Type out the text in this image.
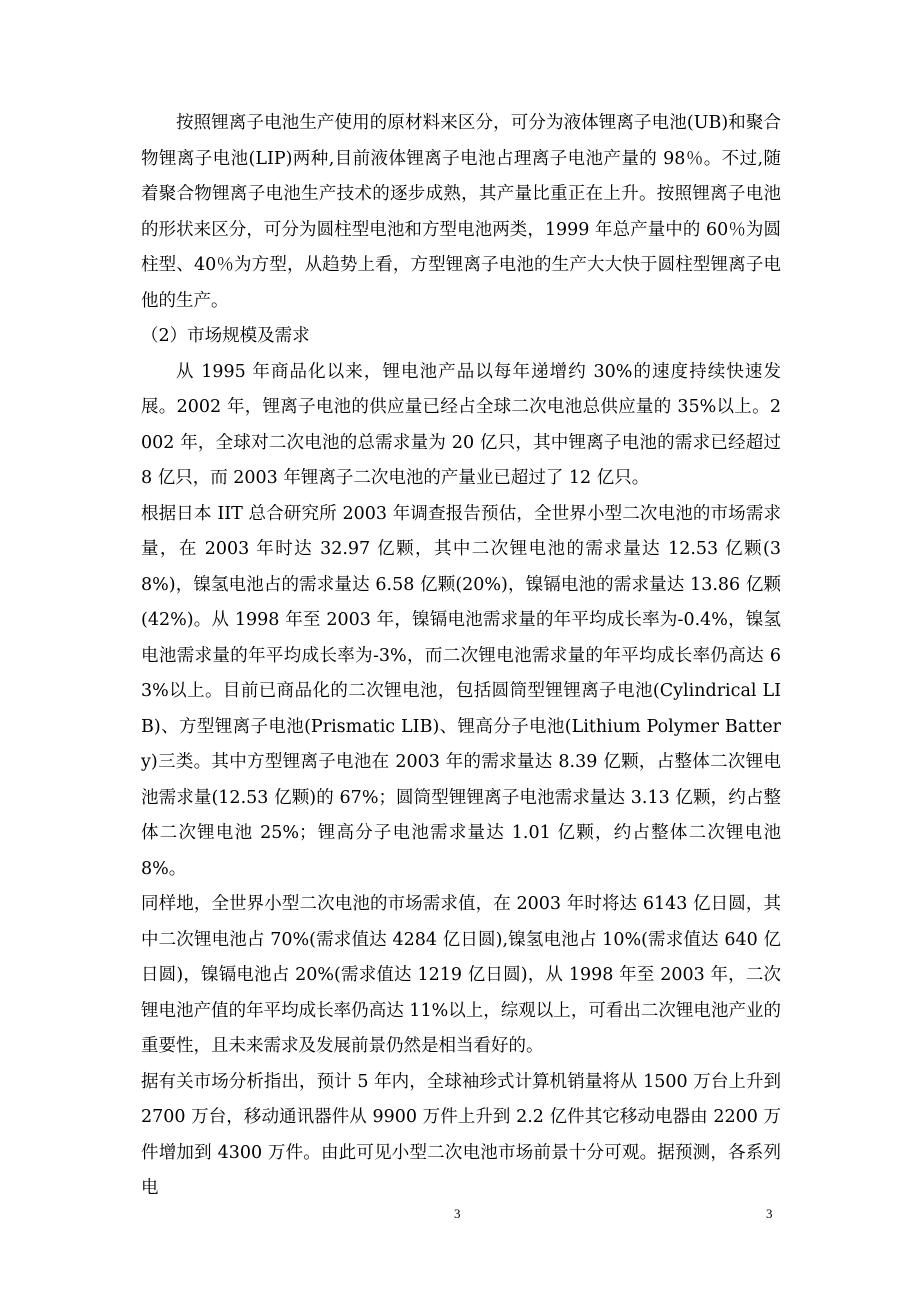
按照锂离子电池生产使用的原材料来区分，可分为液体锂离子电池(UB)和聚合物锂离子电池(LIP)两种,目前液体锂离子电池占理离子电池产量的 98％。不过,随着聚合物锂离子电池生产技术的逐步成熟，其产量比重正在上升。按照锂离子电池的形状来区分，可分为圆柱型电池和方型电池两类，1999 年总产量中的 60％为圆柱型、40％为方型，从趋势上看，方型锂离子电池的生产大大快于圆柱型锂离子电他的生产。

（2）市场规模及需求

从 1995 年商品化以来，锂电池产品以每年递增约 30%的速度持续快速发展。2002 年，锂离子电池的供应量已经占全球二次电池总供应量的 35%以上。2002 年，全球对二次电池的总需求量为 20 亿只，其中锂离子电池的需求已经超过 8 亿只，而 2003 年锂离子二次电池的产量业已超过了 12 亿只。

根据日本 IIT 总合研究所 2003 年调查报告预估，全世界小型二次电池的市场需求量，在 2003 年时达 32.97 亿颗，其中二次锂电池的需求量达 12.53 亿颗(38%)，镍氢电池占的需求量达 6.58 亿颗(20%)，镍镉电池的需求量达 13.86 亿颗(42%)。从 1998 年至 2003 年，镍镉电池需求量的年平均成长率为-0.4%，镍氢电池需求量的年平均成长率为-3%，而二次锂电池需求量的年平均成长率仍高达 63%以上。目前已商品化的二次锂电池，包括圆筒型锂锂离子电池(Cylindrical LIB)、方型锂离子电池(Prismatic LIB)、锂高分子电池(Lithium Polymer Battery)三类。其中方型锂离子电池在 2003 年的需求量达 8.39 亿颗，占整体二次锂电池需求量(12.53 亿颗)的 67%；圆筒型锂锂离子电池需求量达 3.13 亿颗，约占整体二次锂电池 25%；锂高分子电池需求量达 1.01 亿颗，约占整体二次锂电池 8%。

同样地，全世界小型二次电池的市场需求值，在 2003 年时将达 6143 亿日圆，其中二次锂电池占 70%(需求值达 4284 亿日圆),镍氢电池占 10%(需求值达 640 亿日圆)，镍镉电池占 20%(需求值达 1219 亿日圆)，从 1998 年至 2003 年，二次锂电池产值的年平均成长率仍高达 11%以上，综观以上，可看出二次锂电池产业的重要性，且未来需求及发展前景仍然是相当看好的。

据有关市场分析指出，预计 5 年内，全球袖珍式计算机销量将从 1500 万台上升到 2700 万台，移动通讯器件从 9900 万件上升到 2.2 亿件其它移动电器由 2200 万件增加到 4300 万件。由此可见小型二次电池市场前景十分可观。据预测，各系列电

3	3
